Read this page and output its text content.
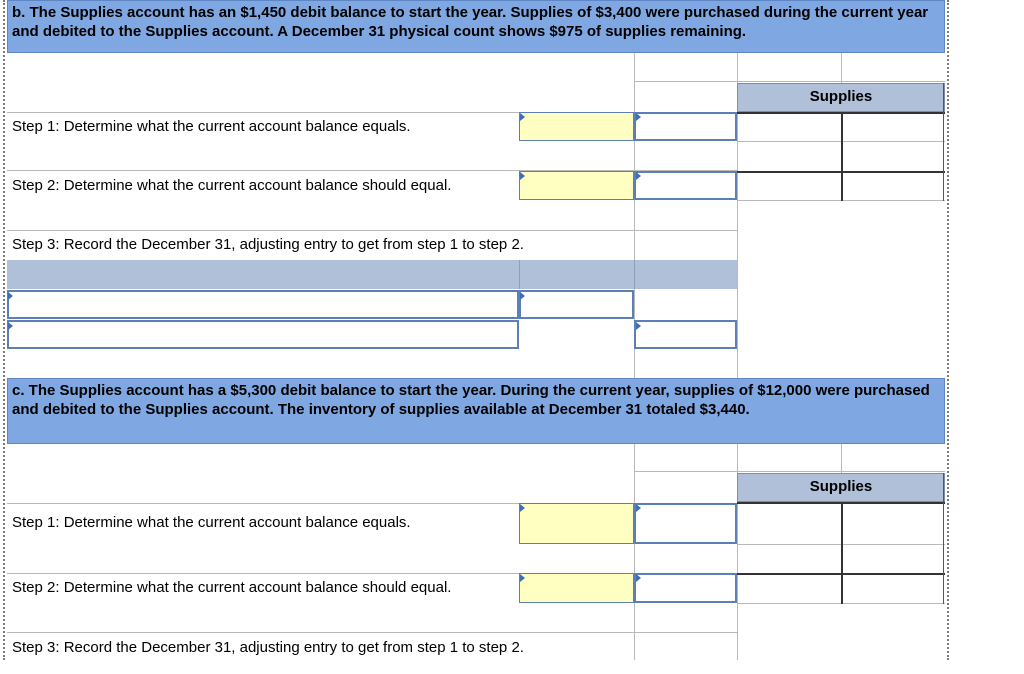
b. The Supplies account has an $1,450 debit balance to start the year. Supplies of $3,400 were purchased during the current year and debited to the Supplies account. A December 31 physical count shows $975 of supplies remaining.
Supplies
Step 1: Determine what the current account balance equals.
Step 2: Determine what the current account balance should equal.
Step 3: Record the December 31, adjusting entry to get from step 1 to step 2.
c. The Supplies account has a $5,300 debit balance to start the year. During the current year, supplies of $12,000 were purchased and debited to the Supplies account. The inventory of supplies available at December 31 totaled $3,440.
Supplies
Step 1: Determine what the current account balance equals.
Step 2: Determine what the current account balance should equal.
Step 3: Record the December 31, adjusting entry to get from step 1 to step 2.
